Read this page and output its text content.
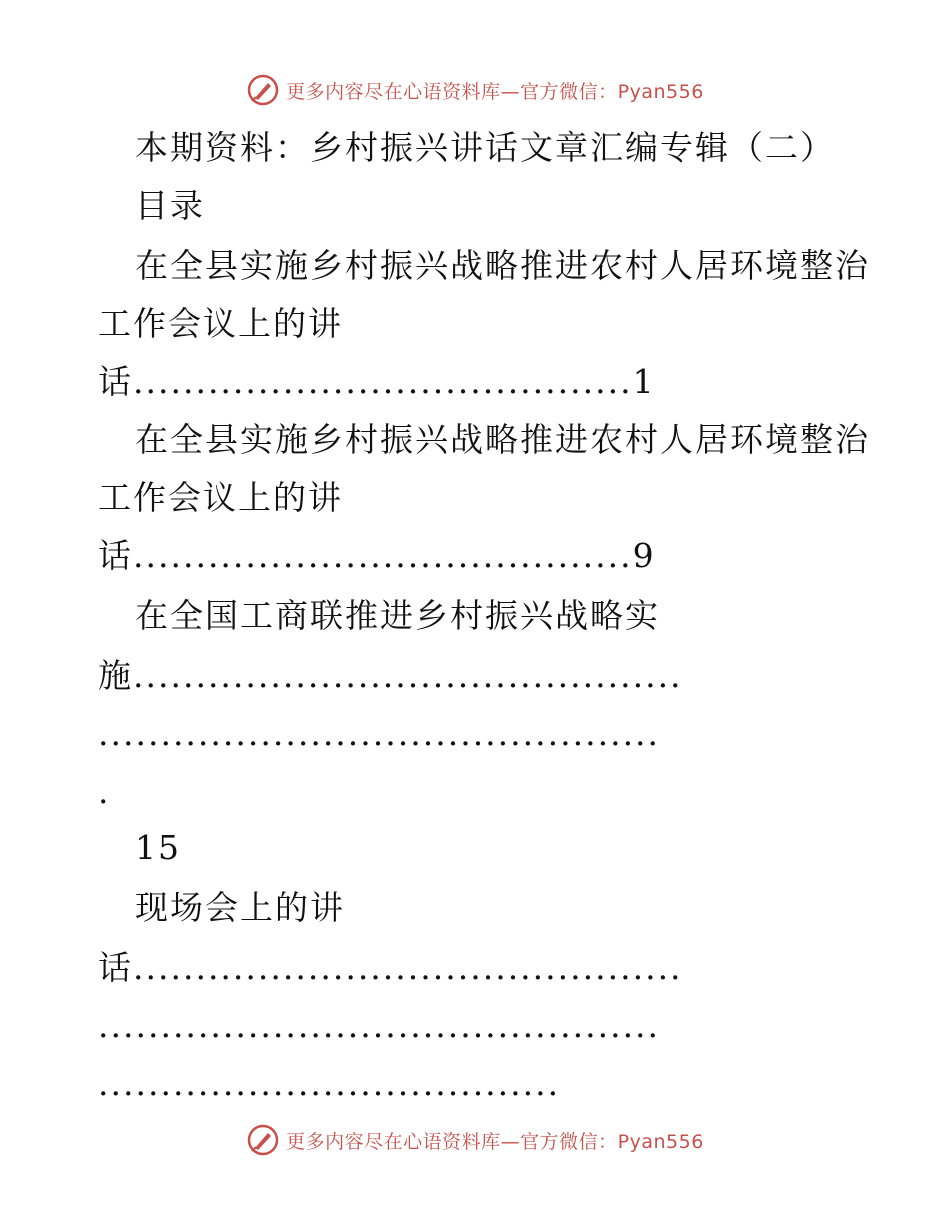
更多内容尽在心语资料库—官方微信：Pyan556
本期资料：乡村振兴讲话文章汇编专辑（二）
目录
在全县实施乡村振兴战略推进农村人居环境整治
工作会议上的讲
话........................................1
在全县实施乡村振兴战略推进农村人居环境整治
工作会议上的讲
话........................................9
在全国工商联推进乡村振兴战略实
施............................................
.............................................
.
15
现场会上的讲
话............................................
.............................................
.....................................
更多内容尽在心语资料库—官方微信：Pyan556
